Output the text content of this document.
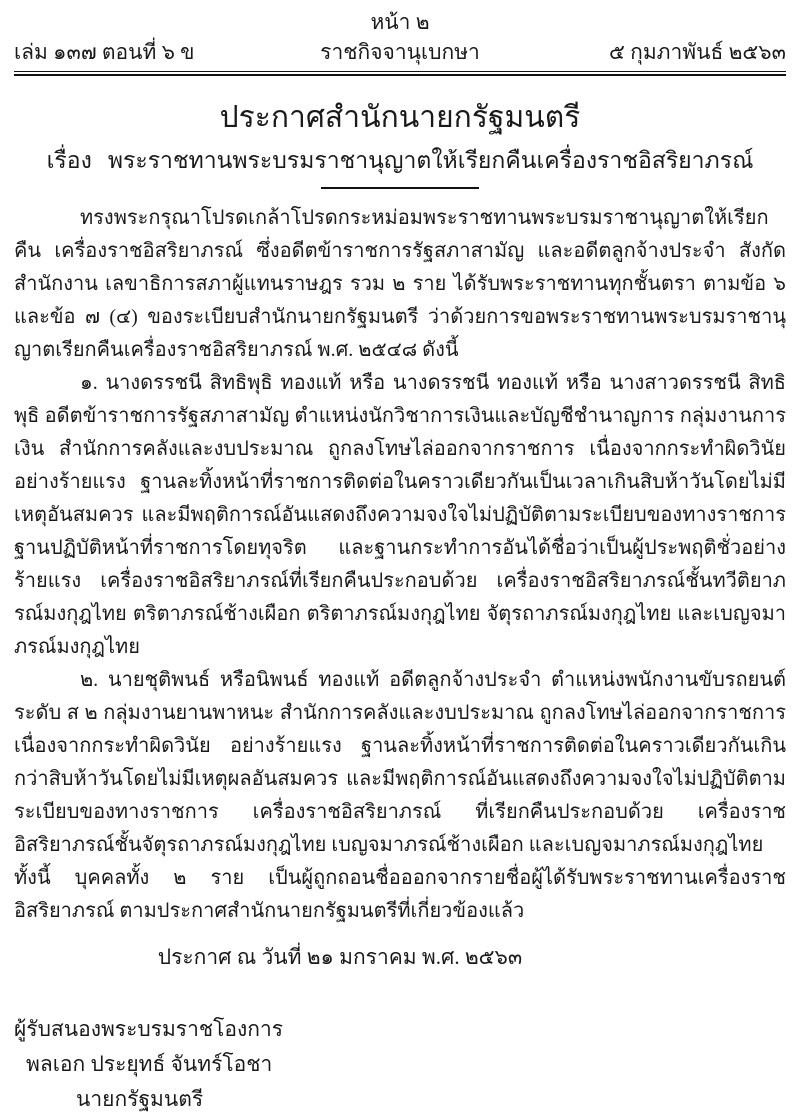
หน้า ๒
เล่ม ๑๓๗ ตอนที่ ๖ ข	ราชกิจจานุเบกษา	๕ กุมภาพันธ์ ๒๕๖๓
ประกาศสำนักนายกรัฐมนตรี
เรื่อง พระราชทานพระบรมราชานุญาตให้เรียกคืนเครื่องราชอิสริยาภรณ์

ทรงพระกรุณาโปรดเกล้าโปรดกระหม่อมพระราชทานพระบรมราชานุญาตให้เรียกคืน เครื่องราชอิสริยาภรณ์ ซึ่งอดีตข้าราชการรัฐสภาสามัญ และอดีตลูกจ้างประจำ สังกัดสำนักงาน เลขาธิการสภาผู้แทนราษฎร รวม ๒ ราย ได้รับพระราชทานทุกชั้นตรา ตามข้อ ๖ และข้อ ๗ (๔) ของระเบียบสำนักนายกรัฐมนตรี ว่าด้วยการขอพระราชทานพระบรมราชานุญาตเรียกคืนเครื่องราชอิสริยาภรณ์ พ.ศ. ๒๕๔๘ ดังนี้

๑. นางดรรชนี สิทธิพุธิ ทองแท้ หรือ นางดรรชนี ทองแท้ หรือ นางสาวดรรชนี สิทธิพุธิ อดีตข้าราชการรัฐสภาสามัญ ตำแหน่งนักวิชาการเงินและบัญชีชำนาญการ กลุ่มงานการเงิน สำนักการคลังและงบประมาณ ถูกลงโทษไล่ออกจากราชการ เนื่องจากกระทำผิดวินัยอย่างร้ายแรง ฐานละทิ้งหน้าที่ราชการติดต่อในคราวเดียวกันเป็นเวลาเกินสิบห้าวันโดยไม่มีเหตุอันสมควร และมีพฤติการณ์อันแสดงถึงความจงใจไม่ปฏิบัติตามระเบียบของทางราชการ ฐานปฏิบัติหน้าที่ราชการโดยทุจริต และฐานกระทำการอันได้ชื่อว่าเป็นผู้ประพฤติชั่วอย่างร้ายแรง เครื่องราชอิสริยาภรณ์ที่เรียกคืนประกอบด้วย เครื่องราชอิสริยาภรณ์ชั้นทวีติยาภรณ์มงกุฎไทย ตริตาภรณ์ช้างเผือก ตริตาภรณ์มงกุฎไทย จัตุรถาภรณ์มงกุฎไทย และเบญจมาภรณ์มงกุฎไทย

๒. นายชุติพนธ์ หรือนิพนธ์ ทองแท้ อดีตลูกจ้างประจำ ตำแหน่งพนักงานขับรถยนต์ ระดับ ส ๒ กลุ่มงานยานพาหนะ สำนักการคลังและงบประมาณ ถูกลงโทษไล่ออกจากราชการ เนื่องจากกระทำผิดวินัย อย่างร้ายแรง ฐานละทิ้งหน้าที่ราชการติดต่อในคราวเดียวกันเกินกว่าสิบห้าวันโดยไม่มีเหตุผลอันสมควร และมีพฤติการณ์อันแสดงถึงความจงใจไม่ปฏิบัติตามระเบียบของทางราชการ เครื่องราชอิสริยาภรณ์ ที่เรียกคืนประกอบด้วย เครื่องราชอิสริยาภรณ์ชั้นจัตุรถาภรณ์มงกุฎไทย เบญจมาภรณ์ช้างเผือก และเบญจมาภรณ์มงกุฎไทย

ทั้งนี้ บุคคลทั้ง ๒ ราย เป็นผู้ถูกถอนชื่อออกจากรายชื่อผู้ได้รับพระราชทานเครื่องราชอิสริยาภรณ์ ตามประกาศสำนักนายกรัฐมนตรีที่เกี่ยวข้องแล้ว

ประกาศ ณ วันที่ ๒๑ มกราคม พ.ศ. ๒๕๖๓
ผู้รับสนองพระบรมราชโองการ
พลเอก ประยุทธ์ จันทร์โอชา
นายกรัฐมนตรี
